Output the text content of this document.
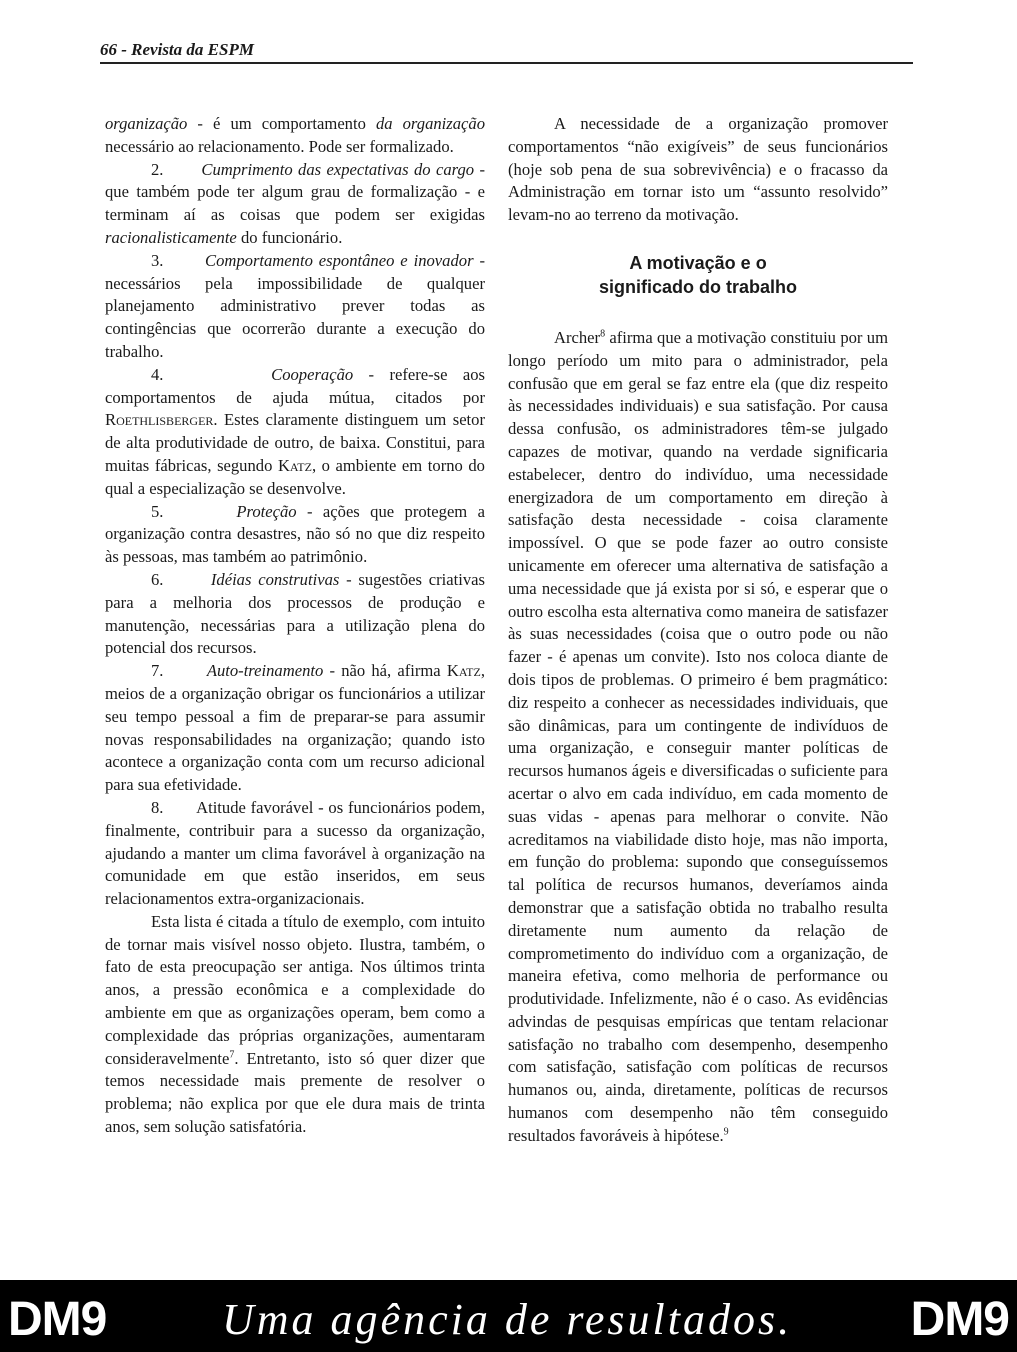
66 - Revista da ESPM

organização - é um comportamento da organização necessário ao relacionamento. Pode ser formalizado.

2. Cumprimento das expectativas do cargo - que também pode ter algum grau de formalização - e terminam aí as coisas que podem ser exigidas racionalisticamente do funcionário.

3.	Comportamento espontâneo e inovador - necessários pela impossibilidade de qualquer planejamento administrativo prever todas as contingências que ocorrerão durante a execução do trabalho.

4.	Cooperação - refere-se aos comportamentos de ajuda mútua, citados por Roethlisberger. Estes claramente distinguem um setor de alta produtividade de outro, de baixa. Constitui, para muitas fábricas, segundo Katz, o ambiente em torno do qual a especialização se desenvolve.

5.	Proteção - ações que protegem a organização contra desastres, não só no que diz respeito às pessoas, mas também ao patrimônio.

6.	Idéias construtivas - sugestões criativas para a melhoria dos processos de produção e manutenção, necessárias para a utilização plena do potencial dos recursos.

7.	Auto-treinamento - não há, afirma Katz, meios de a organização obrigar os funcionários a utilizar seu tempo pessoal a fim de preparar-se para assumir novas responsabilidades na organização; quando isto acontece a organização conta com um recurso adicional para sua efetividade.

8. Atitude favorável - os funcionários podem, finalmente, contribuir para a sucesso da organização, ajudando a manter um clima favorável à organização na comunidade em que estão inseridos, em seus relacionamentos extra-organizacionais.

Esta lista é citada a título de exemplo, com intuito de tornar mais visível nosso objeto. Ilustra, também, o fato de esta preocupação ser antiga. Nos últimos trinta anos, a pressão econômica e a complexidade do ambiente em que as organizações operam, bem como a complexidade das próprias organizações, aumentaram consideravelmente$^7$. Entretanto, isto só quer dizer que temos necessidade mais premente de resolver o problema; não explica por que ele dura mais de trinta anos, sem solução satisfatória.

A necessidade de a organização promover comportamentos “não exigíveis” de seus funcionários (hoje sob pena de sua sobrevivência) e o fracasso da Administração em tornar isto um “assunto resolvido” levam-no ao terreno da motivação.

A motivação e o
significado do trabalho

Archer$^8$ afirma que a motivação constituiu por um longo período um mito para o administrador, pela confusão que em geral se faz entre ela (que diz respeito às necessidades individuais) e sua satisfação. Por causa dessa confusão, os administradores têm-se julgado capazes de motivar, quando na verdade significaria estabelecer, dentro do indivíduo, uma necessidade energizadora de um comportamento em direção à satisfação desta necessidade - coisa claramente impossível. O que se pode fazer ao outro consiste unicamente em oferecer uma alternativa de satisfação a uma necessidade que já exista por si só, e esperar que o outro escolha esta alternativa como maneira de satisfazer às suas necessidades (coisa que o outro pode ou não fazer - é apenas um convite). Isto nos coloca diante de dois tipos de problemas. O primeiro é bem pragmático: diz respeito a conhecer as necessidades individuais, que são dinâmicas, para um contingente de indivíduos de uma organização, e conseguir manter políticas de recursos humanos ágeis e diversificadas o suficiente para acertar o alvo em cada indivíduo, em cada momento de suas vidas - apenas para melhorar o convite. Não acreditamos na viabilidade disto hoje, mas não importa, em função do problema: supondo que conseguíssemos tal política de recursos humanos, deveríamos ainda demonstrar que a satisfação obtida no trabalho resulta diretamente num aumento da relação de comprometimento do indivíduo com a organização, de maneira efetiva, como melhoria de performance ou produtividade. Infelizmente, não é o caso. As evidências advindas de pesquisas empíricas que tentam relacionar satisfação no trabalho com desempenho, desempenho com satisfação, satisfação com políticas de recursos humanos ou, ainda, diretamente, políticas de recursos humanos com desempenho não têm conseguido resultados favoráveis à hipótese.$^9$

DM9	Uma agência de resultados. DM9
